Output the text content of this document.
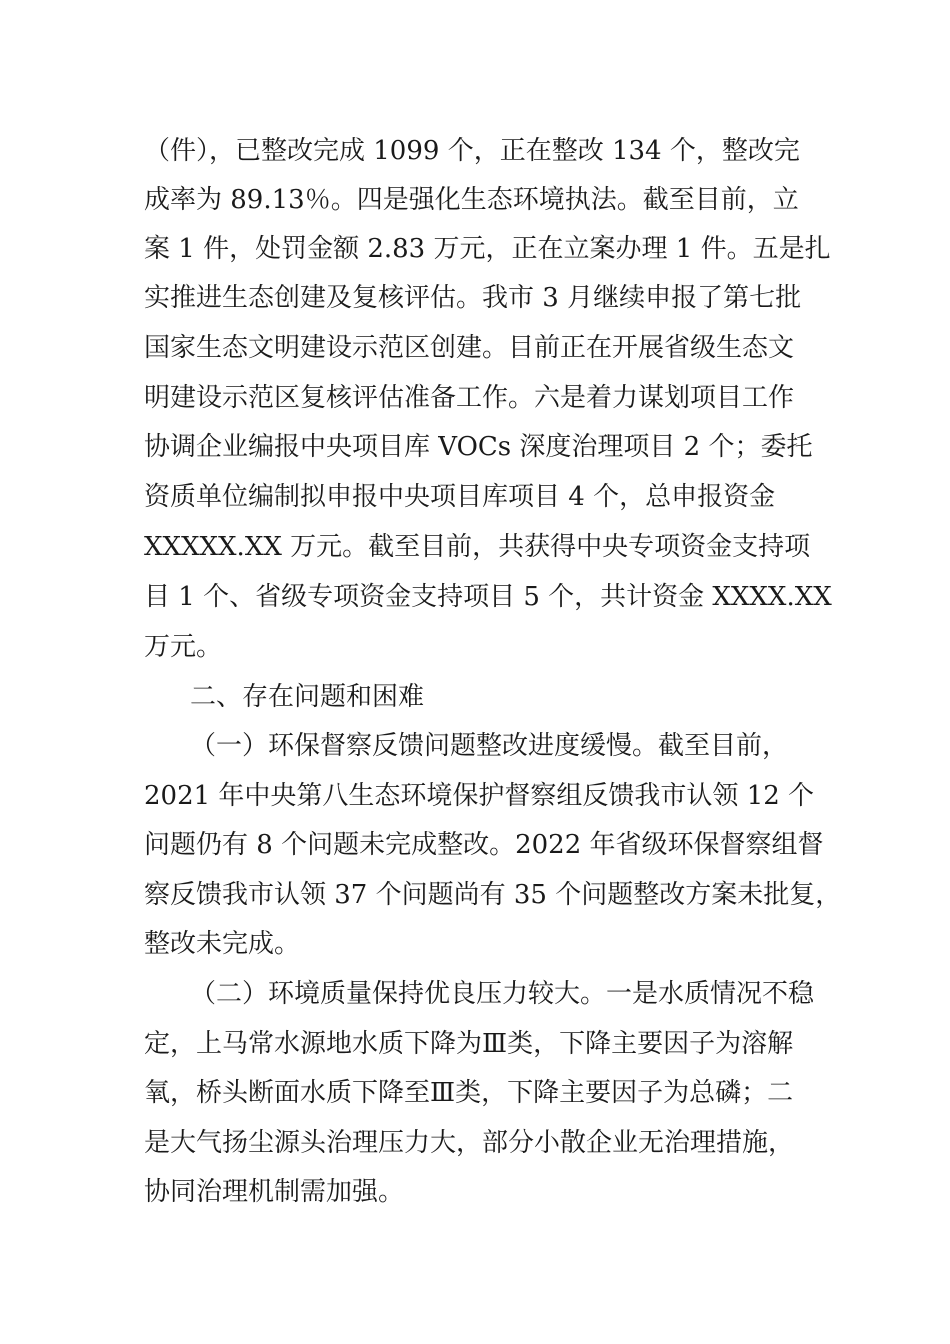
（件），已整改完成 1099 个，正在整改 134 个，整改完

成率为 89.13％。四是强化生态环境执法。截至目前，立

案 1 件，处罚金额 2.83 万元，正在立案办理 1 件。五是扎

实推进生态创建及复核评估。我市 3 月继续申报了第七批

国家生态文明建设示范区创建。目前正在开展省级生态文

明建设示范区复核评估准备工作。六是着力谋划项目工作

协调企业编报中央项目库 VOCs 深度治理项目 2 个；委托

资质单位编制拟申报中央项目库项目 4 个，总申报资金

XXXXX.XX 万元。截至目前，共获得中央专项资金支持项

目 1 个、省级专项资金支持项目 5 个，共计资金 XXXX.XX

万元。

二、存在问题和困难

（一）环保督察反馈问题整改进度缓慢。截至目前，

2021 年中央第八生态环境保护督察组反馈我市认领 12 个

问题仍有 8 个问题未完成整改。2022 年省级环保督察组督

察反馈我市认领 37 个问题尚有 35 个问题整改方案未批复，

整改未完成。

（二）环境质量保持优良压力较大。一是水质情况不稳

定，上马常水源地水质下降为Ⅲ类，下降主要因子为溶解

氧，桥头断面水质下降至Ⅲ类，下降主要因子为总磷；二

是大气扬尘源头治理压力大，部分小散企业无治理措施，

协同治理机制需加强。
